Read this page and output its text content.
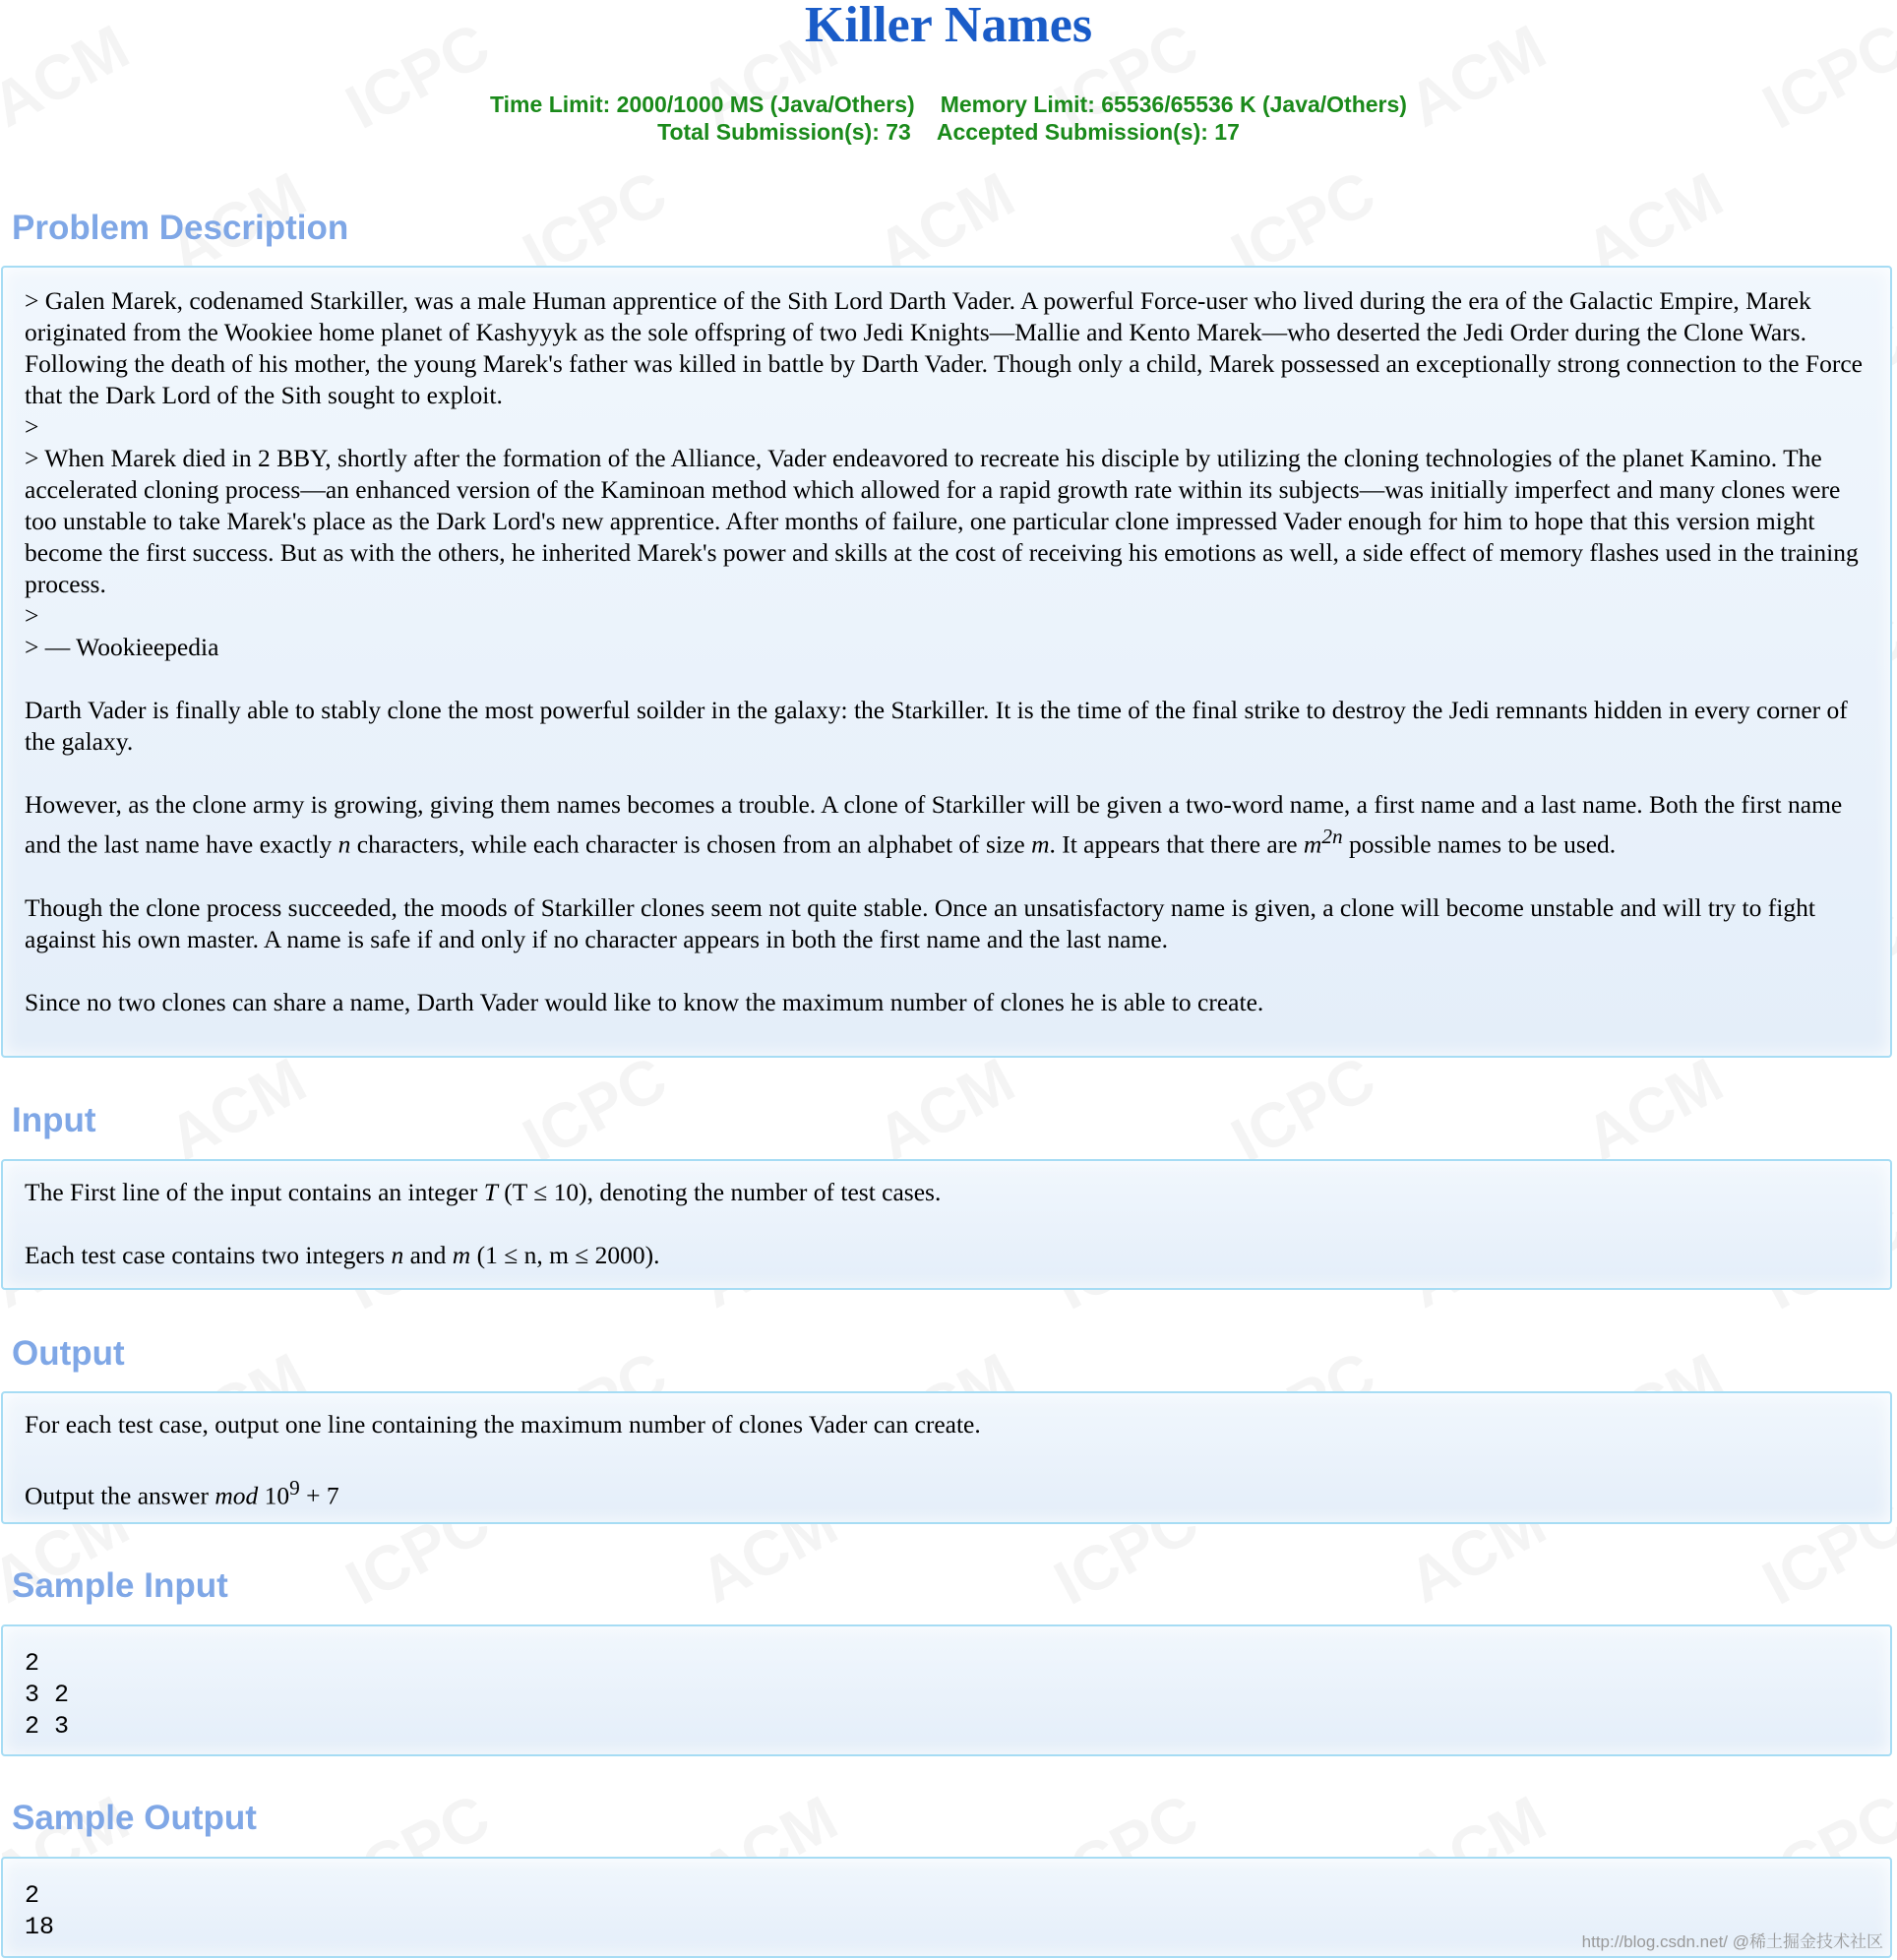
Killer Names
Time Limit: 2000/1000 MS (Java/Others) Memory Limit: 65536/65536 K (Java/Others)
Total Submission(s): 73 Accepted Submission(s): 17
Problem Description

> Galen Marek, codenamed Starkiller, was a male Human apprentice of the Sith Lord Darth Vader. A powerful Force-user who lived during the era of the Galactic Empire, Marek originated from the Wookiee home planet of Kashyyyk as the sole offspring of two Jedi Knights—Mallie and Kento Marek—who deserted the Jedi Order during the Clone Wars. Following the death of his mother, the young Marek's father was killed in battle by Darth Vader. Though only a child, Marek possessed an exceptionally strong connection to the Force that the Dark Lord of the Sith sought to exploit.

>

> When Marek died in 2 BBY, shortly after the formation of the Alliance, Vader endeavored to recreate his disciple by utilizing the cloning technologies of the planet Kamino. The accelerated cloning process—an enhanced version of the Kaminoan method which allowed for a rapid growth rate within its subjects—was initially imperfect and many clones were too unstable to take Marek's place as the Dark Lord's new apprentice. After months of failure, one particular clone impressed Vader enough for him to hope that this version might become the first success. But as with the others, he inherited Marek's power and skills at the cost of receiving his emotions as well, a side effect of memory flashes used in the training process.

>

> — Wookieepedia

Darth Vader is finally able to stably clone the most powerful soilder in the galaxy: the Starkiller. It is the time of the final strike to destroy the Jedi remnants hidden in every corner of the galaxy.

However, as the clone army is growing, giving them names becomes a trouble. A clone of Starkiller will be given a two-word name, a first name and a last name. Both the first name and the last name have exactly n characters, while each character is chosen from an alphabet of size m. It appears that there are $m^{2n}$ possible names to be used.

Though the clone process succeeded, the moods of Starkiller clones seem not quite stable. Once an unsatisfactory name is given, a clone will become unstable and will try to fight against his own master. A name is safe if and only if no character appears in both the first name and the last name.

Since no two clones can share a name, Darth Vader would like to know the maximum number of clones he is able to create.

Input

The First line of the input contains an integer T (T ≤ 10), denoting the number of test cases.

Each test case contains two integers n and m (1 ≤ n, m ≤ 2000).

Output

For each test case, output one line containing the maximum number of clones Vader can create.

Output the answer mod $10^9 + 7$

Sample Input
2
3 2
2 3
Sample Output
2
18
http://blog.csdn.net/ @稀土掘金技术社区
